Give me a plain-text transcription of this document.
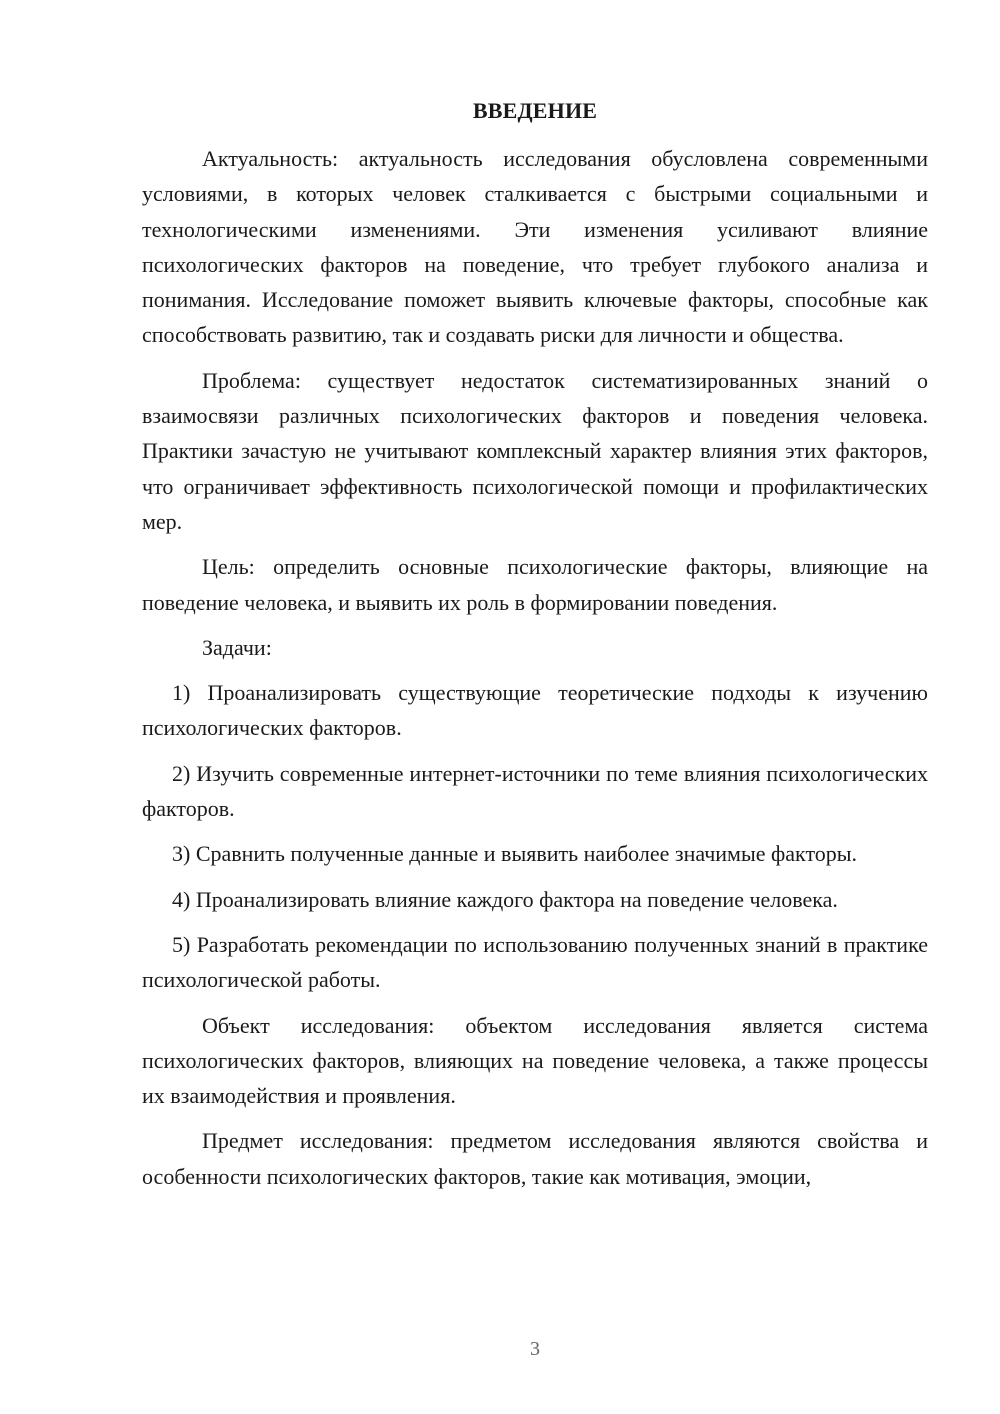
ВВЕДЕНИЕ

Актуальность: актуальность исследования обусловлена современными условиями, в которых человек сталкивается с быстрыми социальными и технологическими изменениями. Эти изменения усиливают влияние психологических факторов на поведение, что требует глубокого анализа и понимания. Исследование поможет выявить ключевые факторы, способные как способствовать развитию, так и создавать риски для личности и общества.

Проблема: существует недостаток систематизированных знаний о взаимосвязи различных психологических факторов и поведения человека. Практики зачастую не учитывают комплексный характер влияния этих факторов, что ограничивает эффективность психологической помощи и профилактических мер.

Цель: определить основные психологические факторы, влияющие на поведение человека, и выявить их роль в формировании поведения.

Задачи:

1) Проанализировать существующие теоретические подходы к изучению психологических факторов.

2) Изучить современные интернет-источники по теме влияния психологических факторов.

3) Сравнить полученные данные и выявить наиболее значимые факторы.

4) Проанализировать влияние каждого фактора на поведение человека.

5) Разработать рекомендации по использованию полученных знаний в практике психологической работы.

Объект исследования: объектом исследования является система психологических факторов, влияющих на поведение человека, а также процессы их взаимодействия и проявления.

Предмет исследования: предметом исследования являются свойства и особенности психологических факторов, такие как мотивация, эмоции,

3
